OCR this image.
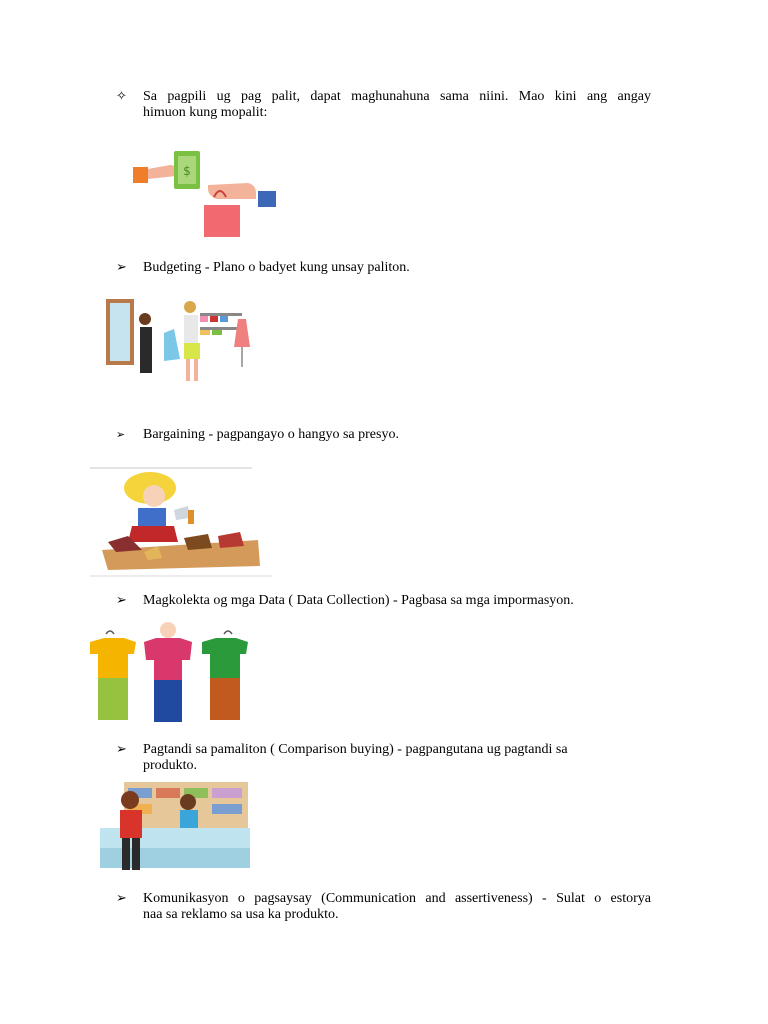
✧ Sa pagpili ug pag palit, dapat maghunahuna sama niini. Mao kini ang angay
himuon kung mopalit:
$
➢ Budgeting - Plano o badyet kung unsay paliton.

➢ Bargaining - pagpangayo o hangyo sa presyo.
➢ Magkolekta og mga Data ( Data Collection) - Pagbasa sa mga impormasyon.
➢ Pagtandi sa pamaliton ( Comparison buying) - pagpangutana ug pagtandi sa
produkto.
➢ Komunikasyon o pagsaysay (Communication and assertiveness) - Sulat o estorya
naa sa reklamo sa usa ka produkto.
